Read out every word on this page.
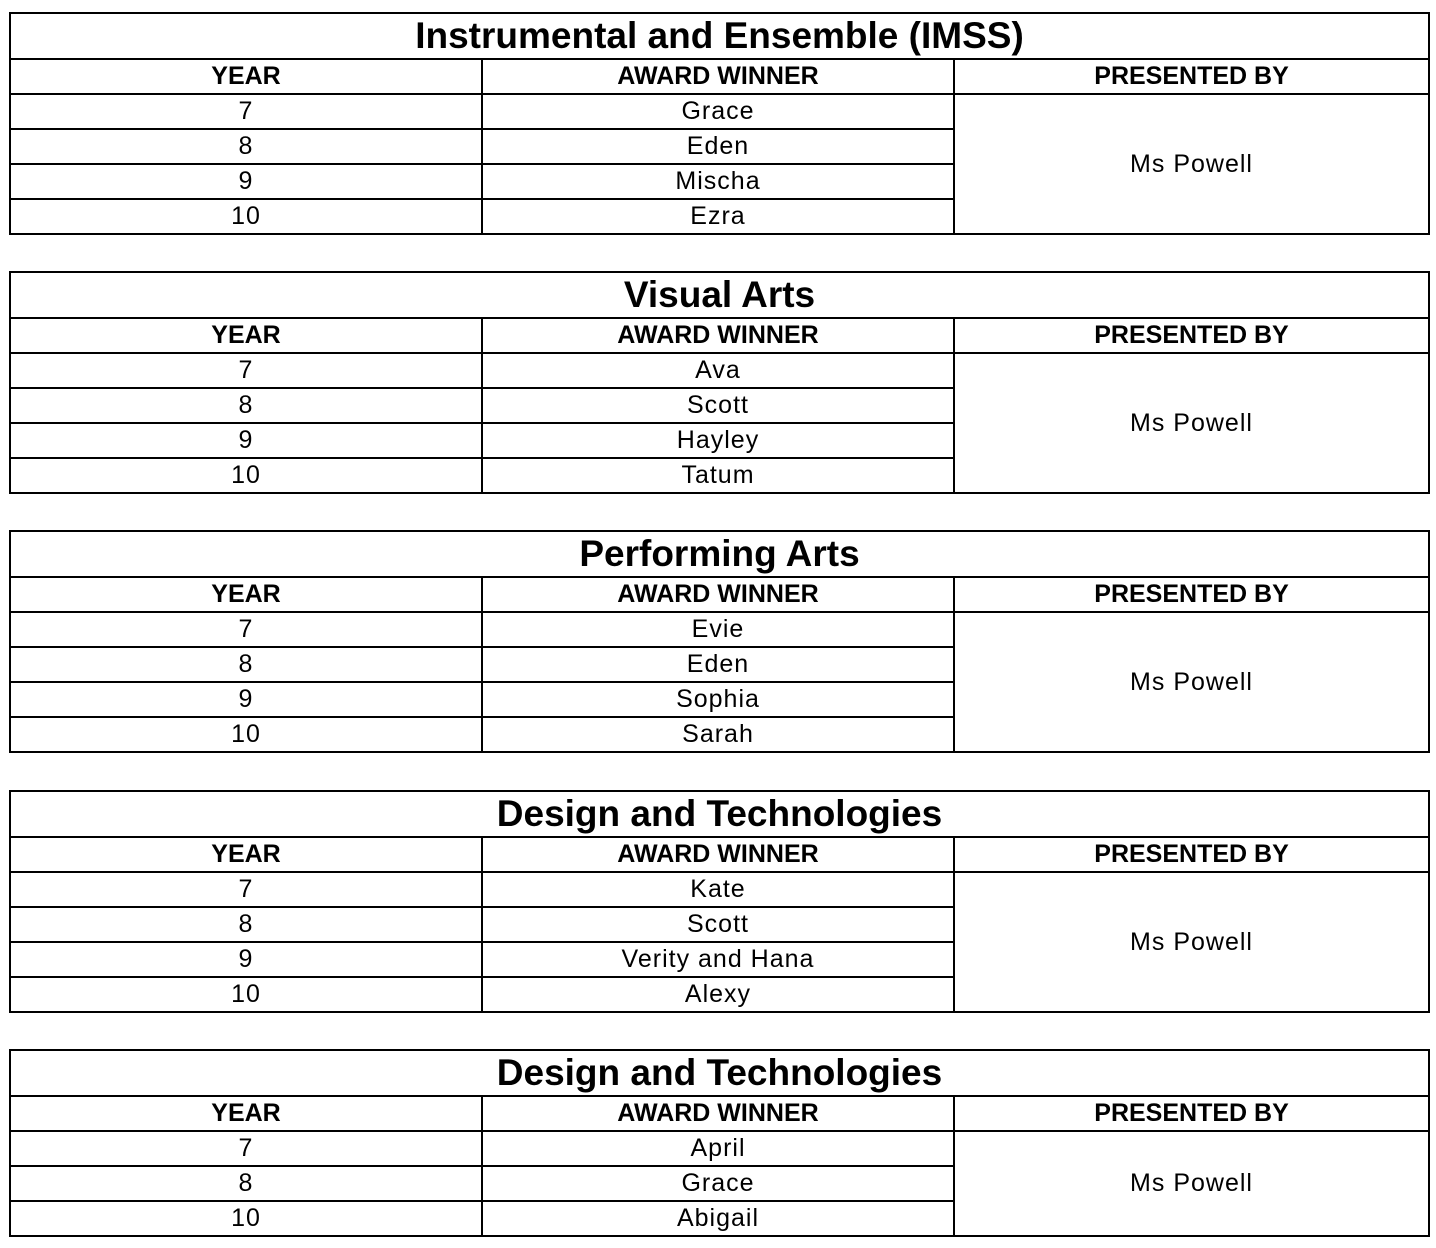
Instrumental and Ensemble (IMSS)		
YEAR	AWARD WINNER	PRESENTED BY
7	Grace	Ms Powell
8	Eden	
9	Mischa	
10	Ezra	
Visual Arts		
YEAR	AWARD WINNER	PRESENTED BY
7	Ava	Ms Powell
8	Scott	
9	Hayley	
10	Tatum	
Performing Arts		
YEAR	AWARD WINNER	PRESENTED BY
7	Evie	Ms Powell
8	Eden	
9	Sophia	
10	Sarah	
Design and Technologies		
YEAR	AWARD WINNER	PRESENTED BY
7	Kate	Ms Powell
8	Scott	
9	Verity and Hana	
10	Alexy	
Design and Technologies		
YEAR	AWARD WINNER	PRESENTED BY
7	April	Ms Powell
8	Grace	
10	Abigail	
